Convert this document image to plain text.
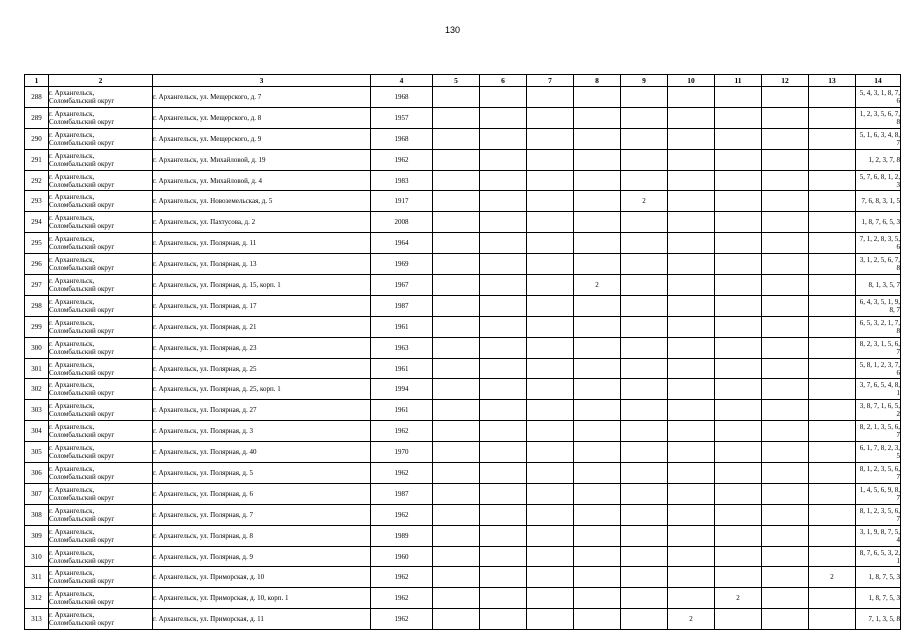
130
1	2	3	4	5	6	7	8	9	10	11	12	13	14
288	г. Архангельск,
Соломбальский округ	г. Архангельск, ул. Мещерского, д. 7	1968										5, 4, 3, 1, 8, 7, 6
289	г. Архангельск,
Соломбальский округ	г. Архангельск, ул. Мещерского, д. 8	1957										1, 2, 3, 5, 6, 7, 8
290	г. Архангельск,
Соломбальский округ	г. Архангельск, ул. Мещерского, д. 9	1968										5, 1, 6, 3, 4, 8, 7
291	г. Архангельск,
Соломбальский округ	г. Архангельск, ул. Михайловой, д. 19	1962										1, 2, 3, 7, 8
292	г. Архангельск,
Соломбальский округ	г. Архангельск, ул. Михайловой, д. 4	1983										5, 7, 6, 8, 1, 2, 3
293	г. Архангельск,
Соломбальский округ	г. Архангельск, ул. Новоземельская, д. 5	1917					2					7, 6, 8, 3, 1, 5
294	г. Архангельск,
Соломбальский округ	г. Архангельск, ул. Пахтусова, д. 2	2008										1, 8, 7, 6, 5, 3
295	г. Архангельск,
Соломбальский округ	г. Архангельск, ул. Полярная, д. 11	1964										7, 1, 2, 8, 3, 5, 6
296	г. Архангельск,
Соломбальский округ	г. Архангельск, ул. Полярная, д. 13	1969										3, 1, 2, 5, 6, 7, 8
297	г. Архангельск,
Соломбальский округ	г. Архангельск, ул. Полярная, д. 15, корп. 1	1967				2						8, 1, 3, 5, 7
298	г. Архангельск,
Соломбальский округ	г. Архангельск, ул. Полярная, д. 17	1987										6, 4, 3, 5, 1, 9, 8, 7
299	г. Архангельск,
Соломбальский округ	г. Архангельск, ул. Полярная, д. 21	1961										6, 5, 3, 2, 1, 7, 8
300	г. Архангельск,
Соломбальский округ	г. Архангельск, ул. Полярная, д. 23	1963										8, 2, 3, 1, 5, 6, 7
301	г. Архангельск,
Соломбальский округ	г. Архангельск, ул. Полярная, д. 25	1961										5, 8, 1, 2, 3, 7, 6
302	г. Архангельск,
Соломбальский округ	г. Архангельск, ул. Полярная, д. 25, корп. 1	1994										3, 7, 6, 5, 4, 8, 1
303	г. Архангельск,
Соломбальский округ	г. Архангельск, ул. Полярная, д. 27	1961										3, 8, 7, 1, 6, 5, 2
304	г. Архангельск,
Соломбальский округ	г. Архангельск, ул. Полярная, д. 3	1962										8, 2, 1, 3, 5, 6, 7
305	г. Архангельск,
Соломбальский округ	г. Архангельск, ул. Полярная, д. 40	1970										6, 1, 7, 8, 2, 3, 5
306	г. Архангельск,
Соломбальский округ	г. Архангельск, ул. Полярная, д. 5	1962										8, 1, 2, 3, 5, 6, 7
307	г. Архангельск,
Соломбальский округ	г. Архангельск, ул. Полярная, д. 6	1987										1, 4, 5, 6, 9, 8, 7
308	г. Архангельск,
Соломбальский округ	г. Архангельск, ул. Полярная, д. 7	1962										8, 1, 2, 3, 5, 6, 7
309	г. Архангельск,
Соломбальский округ	г. Архангельск, ул. Полярная, д. 8	1989										3, 1, 9, 8, 7, 5, 4
310	г. Архангельск,
Соломбальский округ	г. Архангельск, ул. Полярная, д. 9	1960										8, 7, 6, 5, 3, 2, 1
311	г. Архангельск,
Соломбальский округ	г. Архангельск, ул. Приморская, д. 10	1962									2	1, 8, 7, 5, 3
312	г. Архангельск,
Соломбальский округ	г. Архангельск, ул. Приморская, д. 10, корп. 1	1962							2			1, 8, 7, 5, 3
313	г. Архангельск,
Соломбальский округ	г. Архангельск, ул. Приморская, д. 11	1962						2				7, 1, 3, 5, 8
